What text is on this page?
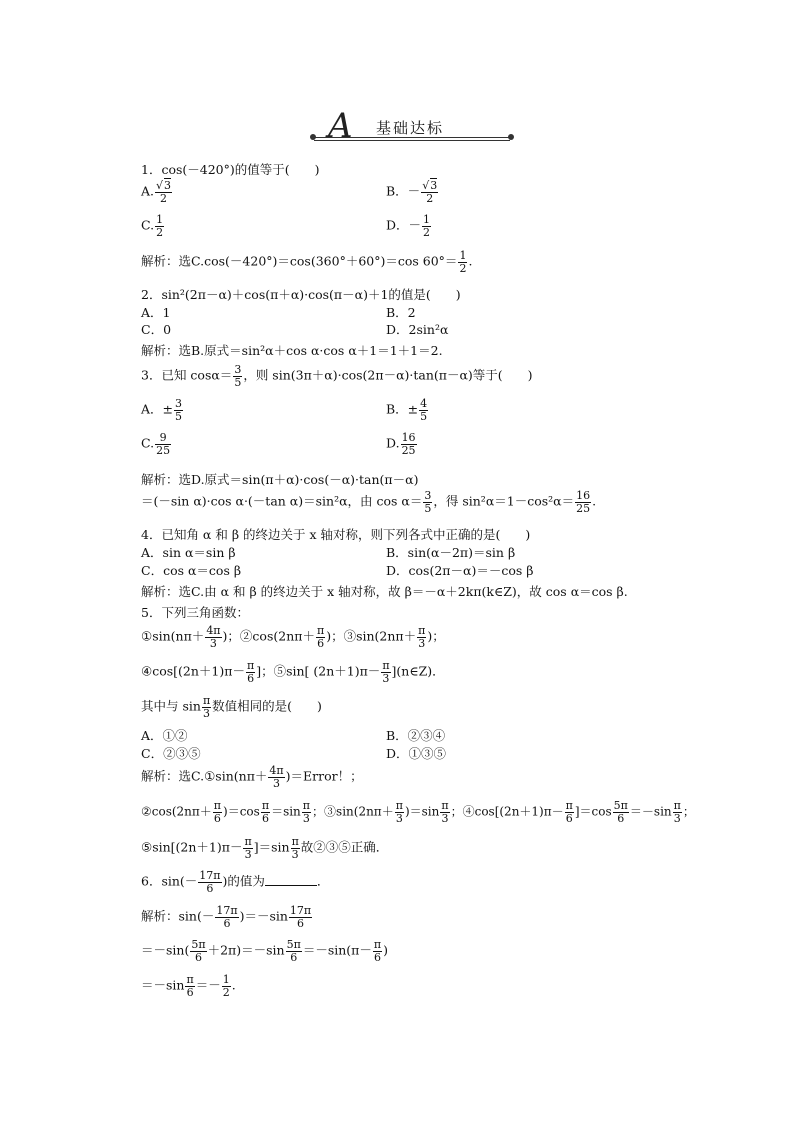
A 基础达标
1．cos(－420°)的值等于(　　)
A. $\frac{√3}{2}$	B．－ $\frac{√3}{2}$
C. $\frac{1}{2}$	D．－ $\frac{1}{2}$
解析：选C.cos(－420°)＝cos(360°＋60°)＝cos $60^\circ= \frac{1}{2}$ .
2．sin²(2π－α)＋cos(π＋α)·cos(π－α)＋1的值是(　　)
A．1	B．2
C．0	D．2sin²α
解析：选B.原式＝sin²α＋cos α·cos α＋1＝1＋1＝2.
3．已知 $\cos\alpha= \frac{3}{5}$ ，则 sin(3π＋α)·cos(2π－α)·tan(π－α)等于(　　)
A．± $\frac{3}{5}$	B．± $\frac{4}{5}$
C. $\frac{9}{25}$	D. $\frac{16}{25}$
解析：选D.原式＝sin(π＋α)·cos(－α)·tan(π－α)
＝(－sin α)·cos α·(－tan α)＝sin²α，由 $\cos \alpha= \frac{3}{5}$ ，得 $\sin^2\alpha=1-\cos^2\alpha= \frac{16}{25}$ .
4．已知角 α 和 β 的终边关于 x 轴对称，则下列各式中正确的是(　　)
A．sin α＝sin β	B．sin(α－2π)＝sin β
C．cos α＝cos β	D．cos(2π－α)＝－cos β
解析：选C.由 α 和 β 的终边关于 x 轴对称，故 β＝－α＋2kπ(k∈Z)，故 cos α＝cos β.
5．下列三角函数：
①sin(nπ＋ $\frac{4\pi}{3}$ )；②cos(2nπ＋ $\frac{\pi}{6}$ )；③sin(2nπ＋ $\frac{\pi}{3}$ )；
④cos[(2n＋1)π－ $\frac{\pi}{6}$ ]；⑤sin[ $(2n+1)\pi- \frac{\pi}{3}$ ](n∈Z)．
其中与 $\sin \frac{\pi}{3}$ 数值相同的是(　　)
A．①②	B．②③④
C．②③⑤	D．①③⑤
解析：选C.①sin(nπ＋ $\frac{4\pi}{3}$ )＝Error！；
②cos(2nπ＋ $\frac{\pi}{6} )=\cos \frac{\pi}{6} =\sin \frac{\pi}{3}$ ；③sin(2nπ＋ $\frac{\pi}{3} )=\sin \frac{\pi}{3}$ ；④cos[(2n＋1)π－ $\frac{\pi}{6} ]=\cos \frac{5\pi}{6} =-\sin \frac{\pi}{3}$ ；
⑤sin[(2n＋1)π－ $\frac{\pi}{3} ]=\sin \frac{\pi}{3}$ 故②③⑤正确．
6．$\sin(- \frac{17\pi}{6}$ )的值为	．
解析：$\sin(- \frac{17\pi}{6} )=-\sin \frac{17\pi}{6}$
$=-\sin( \frac{5\pi}{6} +2\pi)=-\sin \frac{5\pi}{6} =-\sin(\pi- \frac{\pi}{6}$ )
$=-\sin \frac{\pi}{6} =- \frac{1}{2}$ .
